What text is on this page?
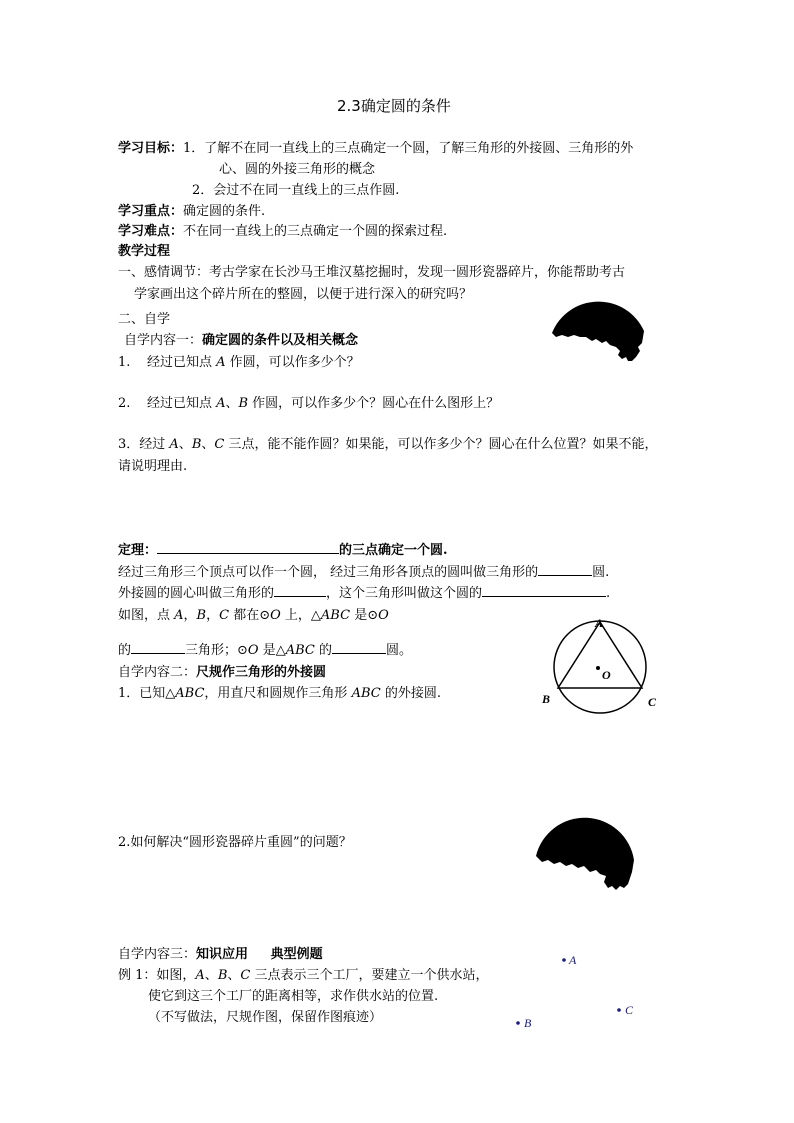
2.3确定圆的条件
学习目标：1．了解不在同一直线上的三点确定一个圆，了解三角形的外接圆、三角形的外
心、圆的外接三角形的概念
2．会过不在同一直线上的三点作圆.
学习重点：确定圆的条件.
学习难点：不在同一直线上的三点确定一个圆的探索过程.
教学过程
一、感情调节：考古学家在长沙马王堆汉墓挖掘时，发现一圆形瓷器碎片，你能帮助考古
学家画出这个碎片所在的整圆，以便于进行深入的研究吗？
二、自学
自学内容一：确定圆的条件以及相关概念
1. 经过已知点 A 作圆，可以作多少个？
2. 经过已知点 A、B 作圆，可以作多少个？圆心在什么图形上？
3．经过 A、B、C 三点，能不能作圆？如果能，可以作多少个？圆心在什么位置？如果不能，
请说明理由.
定理：	的三点确定一个圆.
经过三角形三个顶点可以作一个圆， 经过三角形各顶点的圆叫做三角形的	圆.
外接圆的圆心叫做三角形的	，这个三角形叫做这个圆的	.
如图，点 A，B，C 都在⊙O 上，△ABC 是⊙O
的	三角形；⊙O 是△ABC 的	圆。
A
O
B	C
自学内容二：尺规作三角形的外接圆
1．已知△ABC，用直尺和圆规作三角形 ABC 的外接圆.
2.如何解决“圆形瓷器碎片重圆”的问题？
自学内容三：知识应用     典型例题
例 1：如图，A、B、C 三点表示三个工厂，要建立一个供水站，
使它到这三个工厂的距离相等，求作供水站的位置.
（不写做法，尺规作图，保留作图痕迹）
A
C
B
